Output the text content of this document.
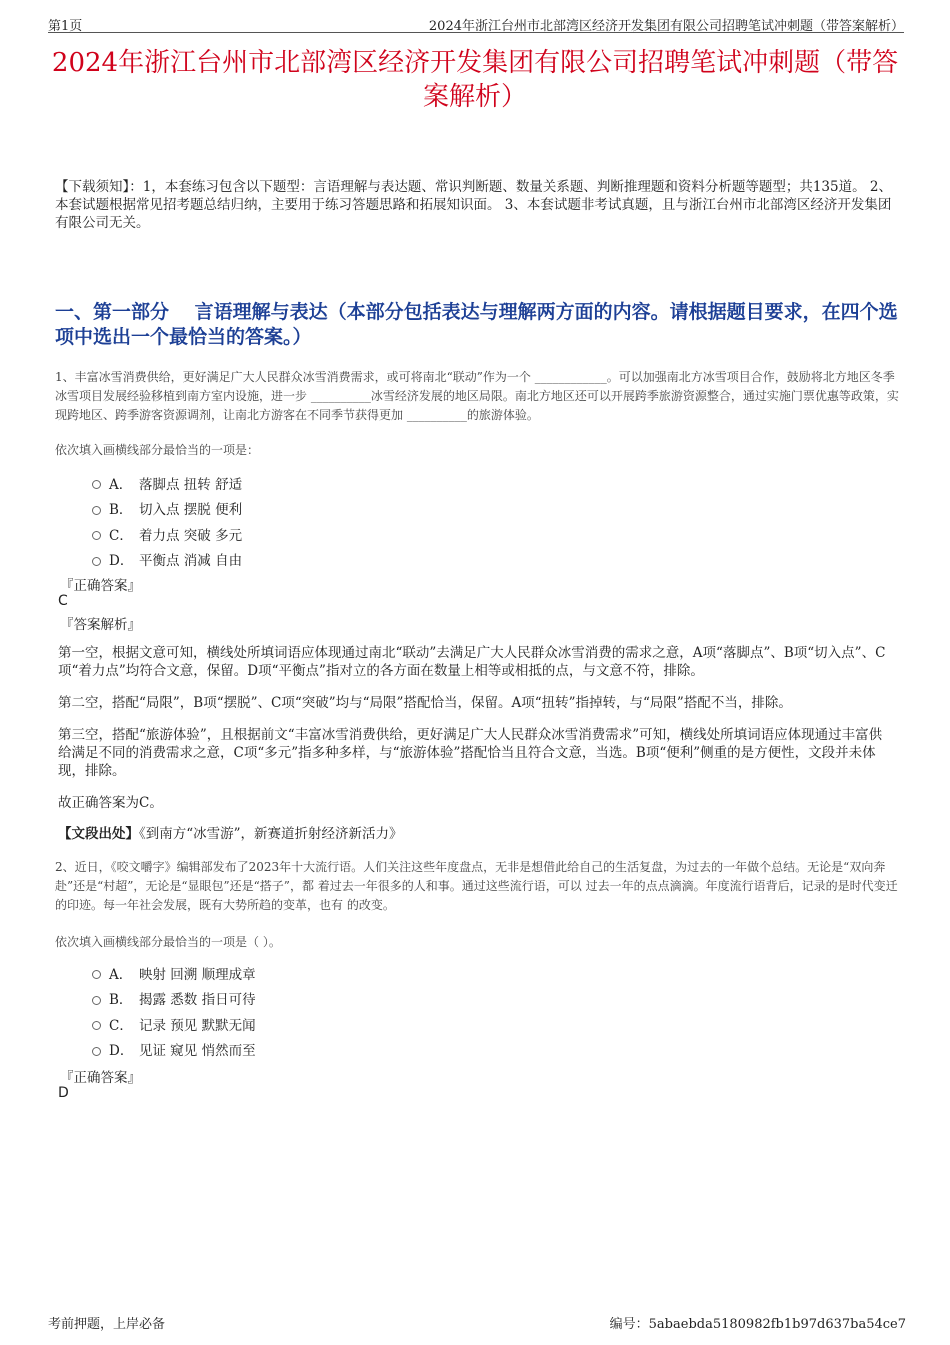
第1页	2024年浙江台州市北部湾区经济开发集团有限公司招聘笔试冲刺题（带答案解析）
2024年浙江台州市北部湾区经济开发集团有限公司招聘笔试冲刺题（带答案解析）

【下载须知】：1，本套练习包含以下题型：言语理解与表达题、常识判断题、数量关系题、判断推理题和资料分析题等题型；共135道。 2、本套试题根据常见招考题总结归纳，主要用于练习答题思路和拓展知识面。 3、本套试题非考试真题，且与浙江台州市北部湾区经济开发集团有限公司无关。

一、第一部分　 言语理解与表达（本部分包括表达与理解两方面的内容。请根据题目要求，在四个选项中选出一个最恰当的答案。）

1、丰富冰雪消费供给，更好满足广大人民群众冰雪消费需求，或可将南北“联动”作为一个 ____________。可以加强南北方冰雪项目合作，鼓励将北方地区冬季冰雪项目发展经验移植到南方室内设施，进一步 __________冰雪经济发展的地区局限。南北方地区还可以开展跨季旅游资源整合，通过实施门票优惠等政策，实现跨地区、跨季游客资源调剂，让南北方游客在不同季节获得更加 __________的旅游体验。

依次填入画横线部分最恰当的一项是：
A． 落脚点 扭转 舒适
B． 切入点 摆脱 便利
C． 着力点 突破 多元
D． 平衡点 消减 自由
『正确答案』
C
『答案解析』

第一空，根据文意可知，横线处所填词语应体现通过南北“联动”去满足广大人民群众冰雪消费的需求之意，A项“落脚点”、B项“切入点”、C项“着力点”均符合文意，保留。D项“平衡点”指对立的各方面在数量上相等或相抵的点，与文意不符，排除。

第二空，搭配“局限”，B项“摆脱”、C项“突破”均与“局限”搭配恰当，保留。A项“扭转”指掉转，与“局限”搭配不当，排除。

第三空，搭配“旅游体验”，且根据前文“丰富冰雪消费供给，更好满足广大人民群众冰雪消费需求”可知，横线处所填词语应体现通过丰富供给满足不同的消费需求之意，C项“多元”指多种多样，与“旅游体验”搭配恰当且符合文意，当选。B项“便利”侧重的是方便性，文段并未体现，排除。

故正确答案为C。

【文段出处】《到南方“冰雪游”，新赛道折射经济新活力》

2、近日，《咬文嚼字》编辑部发布了2023年十大流行语。人们关注这些年度盘点，无非是想借此给自己的生活复盘，为过去的一年做个总结。无论是“双向奔赴”还是“村超”，无论是“显眼包”还是“搭子”，都 着过去一年很多的人和事。通过这些流行语，可以 过去一年的点点滴滴。年度流行语背后，记录的是时代变迁的印迹。每一年社会发展，既有大势所趋的变革，也有 的改变。

依次填入画横线部分最恰当的一项是（ ）。
A． 映射 回溯 顺理成章
B． 揭露 悉数 指日可待
C． 记录 预见 默默无闻
D． 见证 窥见 悄然而至
『正确答案』
D
考前押题，上岸必备	编号：5abaebda5180982fb1b97d637ba54ce7
